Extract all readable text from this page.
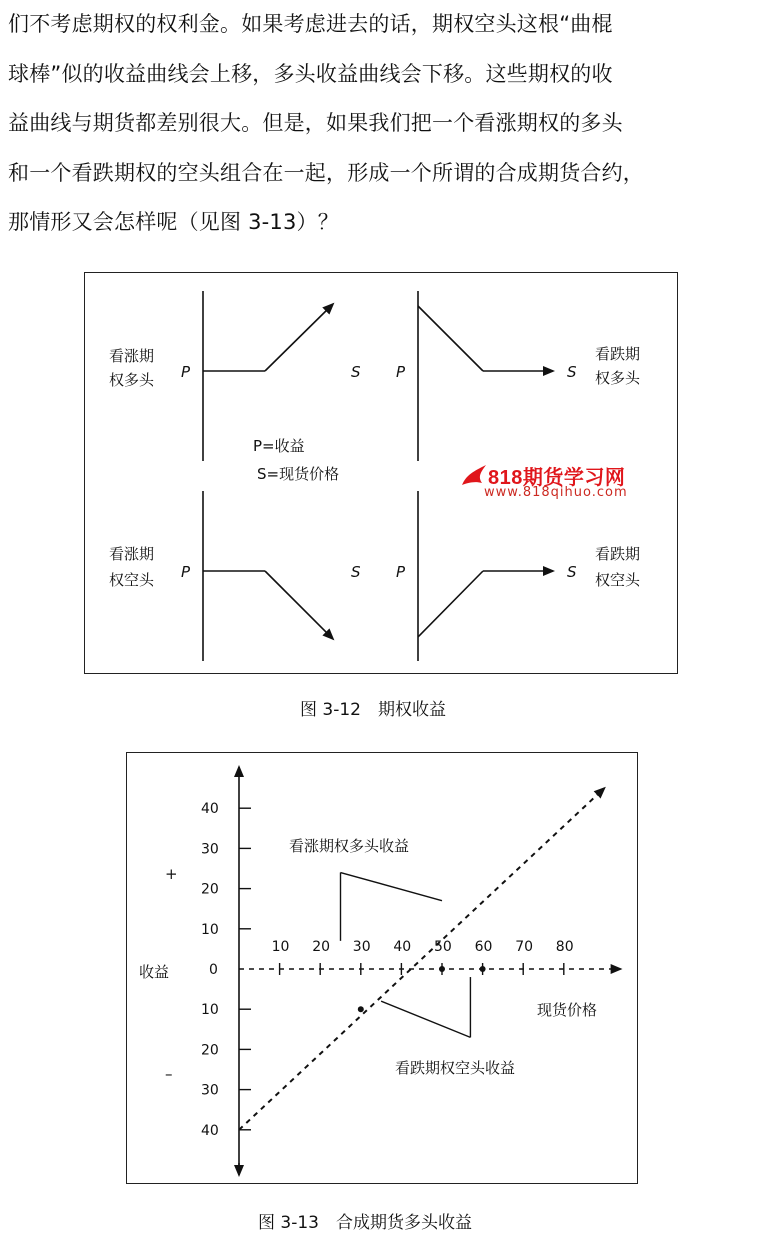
们不考虑期权的权利金。如果考虑进去的话，期权空头这根“曲棍
球棒”似的收益曲线会上移，多头收益曲线会下移。这些期权的收
益曲线与期货都差别很大。但是，如果我们把一个看涨期权的多头
和一个看跌期权的空头组合在一起，形成一个所谓的合成期货合约，
那情形又会怎样呢（见图 3-13）？
看涨期
权多头 P	S P	S
看跌期
权多头
P=收益
S=现货价格
看涨期
权空头 P	S P	S
看跌期
权空头
818期货学习网
www.818qihuo.com
图 3-12　期权收益
10 20 30 40 50 60 70 80
40
30
20
10
10
20
30
40
0
收益
+
–
现货价格
看涨期权多头收益
看跌期权空头收益
图 3-13　合成期货多头收益
